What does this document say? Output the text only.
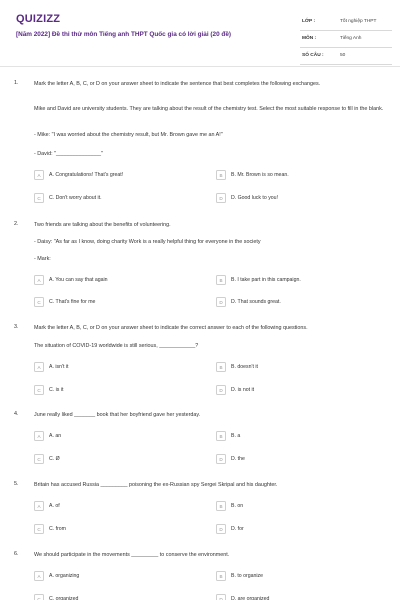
QUIZIZZ
[Năm 2022] Đề thi thử môn Tiếng anh THPT Quốc gia có lời giải (20 đề)
LỚP :	Tốt nghiệp THPT
MÔN :	Tiếng Anh
SỐ CÂU :	50
1.	Mark the letter A, B, C, or D on your answer sheet to indicate the sentence that best completes the following exchanges.
Mike and David are university students. They are talking about the result of the chemistry test. Select the most suitable response to fill in the blank.
- Mike: "I was worried about the chemistry result, but Mr. Brown gave me an A!"
- David: "_______________"
A	A. Congratulations! That's great!	B	B. Mr. Brown is so mean.
C	C. Don't worry about it.	D	D. Good luck to you!
2.	Two friends are talking about the benefits of volunteering.
- Daisy: "As far as I know, doing charity Work is a really helpful thing for everyone in the society
- Mark:
A	A. You can say that again	B	B. I take part in this campaign.
C	C. That's fine for me	D	D. That sounds great.
3.	Mark the letter A, B, C, or D on your answer sheet to indicate the correct answer to each of the following questions.
The situation of COVID-19 worldwide is still serious, ____________?
A	A. isn't it	B	B. doesn't it
C	C. is it	D	D. is not it
4.	June really liked _______ book that her boyfriend gave her yesterday.
A	A. an	B	B. a
C	C. Ø	D	D. the
5.	Britain has accused Russia _________ poisoning the ex-Russian spy Sergei Skripal and his daughter.
A	A. of	B	B. on
C	C. from	D	D. for
6.	We should participate in the movements _________ to conserve the environment.
A	A. organizing	B	B. to organize
C	C. organized	D	D. are organized
